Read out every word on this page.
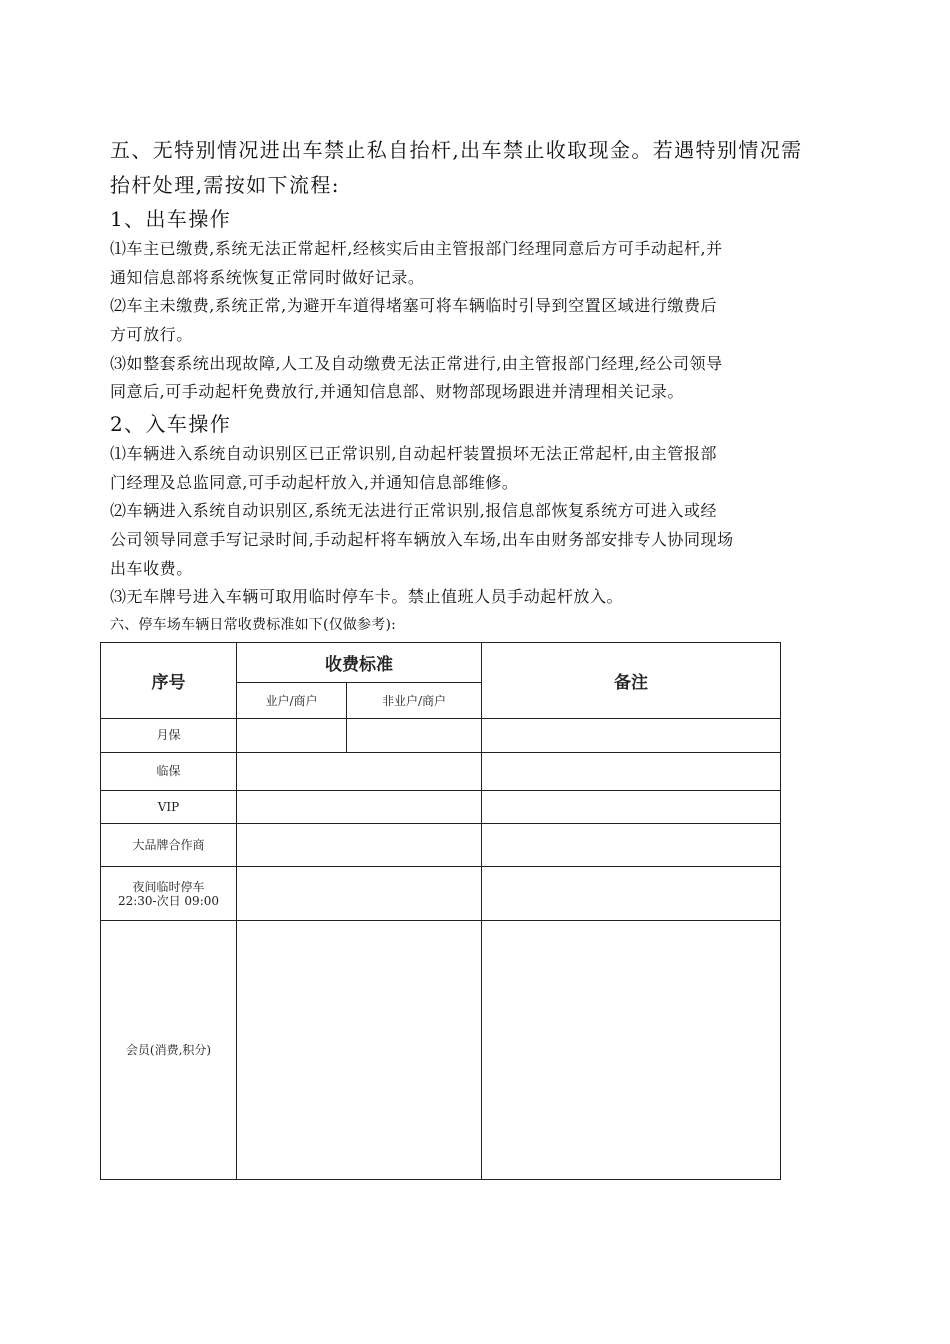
五、无特别情况进出车禁止私自抬杆,出车禁止收取现金。若遇特别情况需
抬杆处理,需按如下流程:
1、出车操作
⑴车主已缴费,系统无法正常起杆,经核实后由主管报部门经理同意后方可手动起杆,并
通知信息部将系统恢复正常同时做好记录。
⑵车主未缴费,系统正常,为避开车道得堵塞可将车辆临时引导到空置区域进行缴费后
方可放行。
⑶如整套系统出现故障,人工及自动缴费无法正常进行,由主管报部门经理,经公司领导
同意后,可手动起杆免费放行,并通知信息部、财物部现场跟进并清理相关记录。
2、入车操作
⑴车辆进入系统自动识别区已正常识别,自动起杆装置损坏无法正常起杆,由主管报部
门经理及总监同意,可手动起杆放入,并通知信息部维修。
⑵车辆进入系统自动识别区,系统无法进行正常识别,报信息部恢复系统方可进入或经
公司领导同意手写记录时间,手动起杆将车辆放入车场,出车由财务部安排专人协同现场
出车收费。
⑶无车牌号进入车辆可取用临时停车卡。禁止值班人员手动起杆放入。
六、停车场车辆日常收费标准如下(仅做参考):
序号	收费标准		备注
	业户/商户	非业户/商户	
月保			
临保			
VIP			
大品牌合作商			

夜间临时停车
22:30-次日 09:00			

会员(消费,积分)			
